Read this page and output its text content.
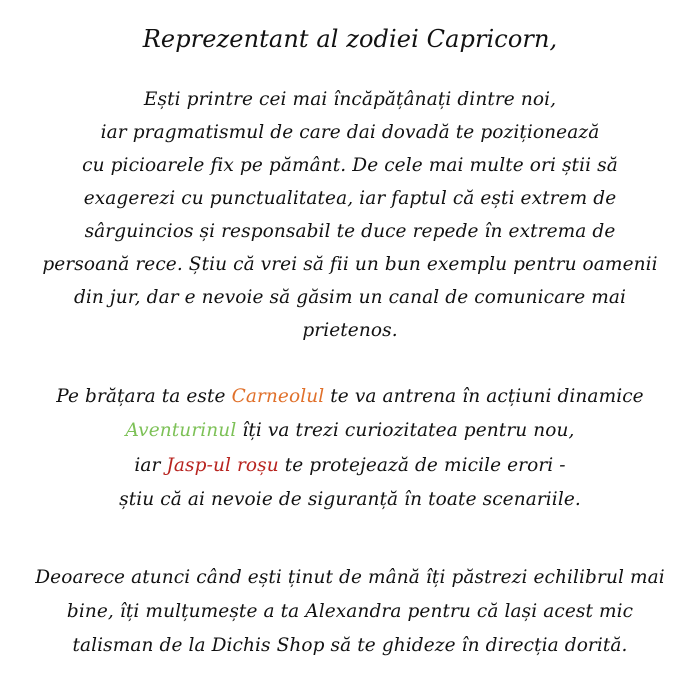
Reprezentant al zodiei Capricorn,
Ești printre cei mai încăpățânați dintre noi,
iar pragmatismul de care dai dovadă te poziționează
cu picioarele fix pe pământ. De cele mai multe ori știi să
exagerezi cu punctualitatea, iar faptul că ești extrem de
sârguincios și responsabil te duce repede în extrema de
persoană rece. Știu că vrei să fii un bun exemplu pentru oamenii
din jur, dar e nevoie să găsim un canal de comunicare mai
prietenos.
Pe brățara ta este Carneolul te va antrena în acțiuni dinamice
Aventurinul îți va trezi curiozitatea pentru nou,
iar Jasp-ul roșu te protejează de micile erori -
știu că ai nevoie de siguranță în toate scenariile.
Deoarece atunci când ești ținut de mână îți păstrezi echilibrul mai
bine, îți mulțumește a ta Alexandra pentru că lași acest mic
talisman de la Dichis Shop să te ghideze în direcția dorită.
